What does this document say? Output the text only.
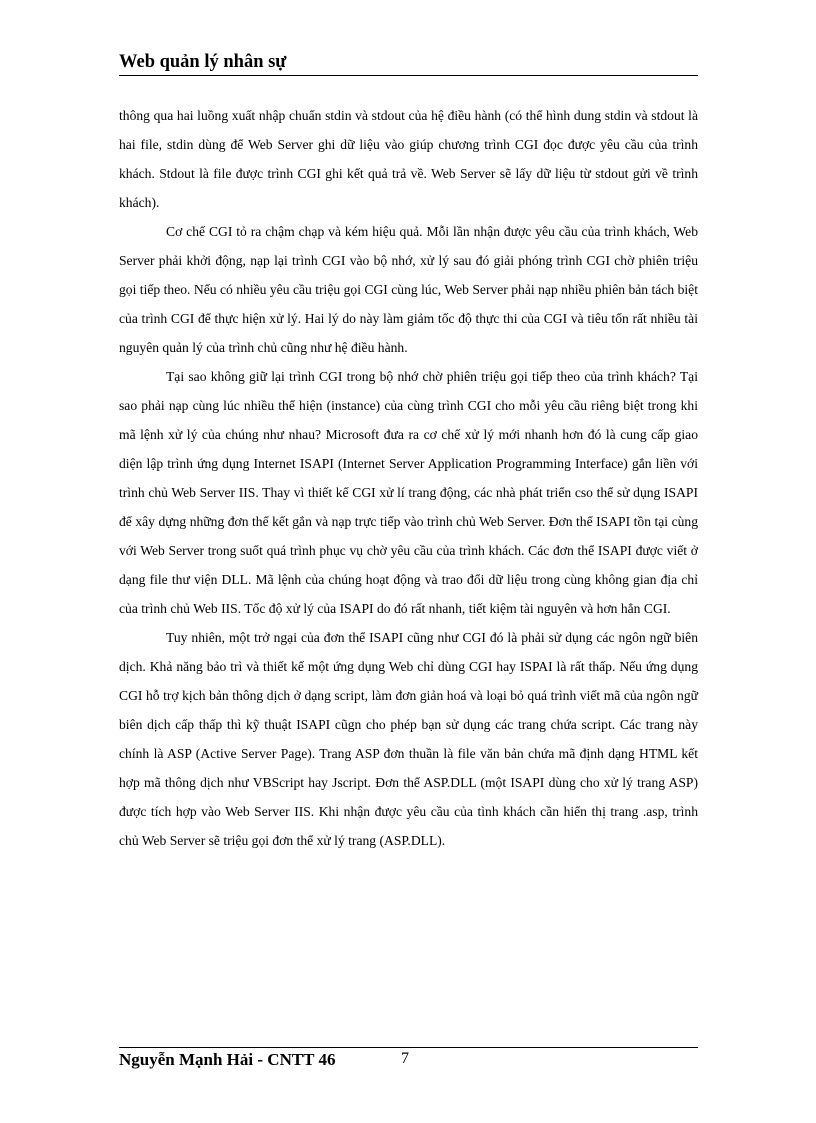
Web quản lý nhân sự

thông qua hai luồng xuất nhập chuẩn stdin và stdout của hệ điều hành (có thể hình dung stdin và stdout là hai file, stdin dùng để Web Server ghi dữ liệu vào giúp chương trình CGI đọc được yêu cầu của trình khách. Stdout là file được trình CGI ghi kết quả trả về. Web Server sẽ lấy dữ liệu từ stdout gửi về trình khách).

Cơ chế CGI tỏ ra chậm chạp và kém hiệu quả. Mỗi lần nhận được yêu cầu của trình khách, Web Server phải khởi động, nạp lại trình CGI vào bộ nhớ, xử lý sau đó giải phóng trình CGI chờ phiên triệu gọi tiếp theo. Nếu có nhiều yêu cầu triệu gọi CGI cùng lúc, Web Server phải nạp nhiều phiên bản tách biệt của trình CGI để thực hiện xử lý. Hai lý do này làm giảm tốc độ thực thi của CGI và tiêu tốn rất nhiều tài nguyên quản lý của trình chủ cũng như hệ điều hành.

Tại sao không giữ lại trình CGI trong bộ nhớ chờ phiên triệu gọi tiếp theo của trình khách? Tại sao phải nạp cùng lúc nhiều thể hiện (instance) của cùng trình CGI cho mỗi yêu cầu riêng biệt trong khi mã lệnh xử lý của chúng như nhau? Microsoft đưa ra cơ chế xử lý mới nhanh hơn đó là cung cấp giao diện lập trình ứng dụng Internet ISAPI (Internet Server Application Programming Interface) gắn liền với trình chủ Web Server IIS. Thay vì thiết kế CGI xử lí trang động, các nhà phát triển cso thể sử dụng ISAPI để xây dựng những đơn thể kết gắn và nạp trực tiếp vào trình chủ Web Server. Đơn thể ISAPI tồn tại cùng với Web Server trong suốt quá trình phục vụ chờ yêu cầu của trình khách. Các đơn thể ISAPI được viết ở dạng file thư viện DLL. Mã lệnh của chúng hoạt động và trao đổi dữ liệu trong cùng không gian địa chỉ của trình chủ Web IIS. Tốc độ xử lý của ISAPI do đó rất nhanh, tiết kiệm tài nguyên và hơn hẳn CGI.

Tuy nhiên, một trở ngại của đơn thể ISAPI cũng như CGI đó là phải sử dụng các ngôn ngữ biên dịch. Khả năng bảo trì và thiết kế một ứng dụng Web chỉ dùng CGI hay ISPAI là rất thấp. Nếu ứng dụng CGI hỗ trợ kịch bản thông dịch ở dạng script, làm đơn giản hoá và loại bỏ quá trình viết mã của ngôn ngữ biên dịch cấp thấp thì kỹ thuật ISAPI cũgn cho phép bạn sử dụng các trang chứa script. Các trang này chính là ASP (Active Server Page). Trang ASP đơn thuần là file văn bản chứa mã định dạng HTML kết hợp mã thông dịch như VBScript hay Jscript. Đơn thể ASP.DLL (một ISAPI dùng cho xử lý trang ASP) được tích hợp vào Web Server IIS. Khi nhận được yêu cầu của tình khách cần hiển thị trang .asp, trình chủ Web Server sẽ triệu gọi đơn thể xử lý trang (ASP.DLL).

Nguyễn Mạnh Hải - CNTT 46	7
